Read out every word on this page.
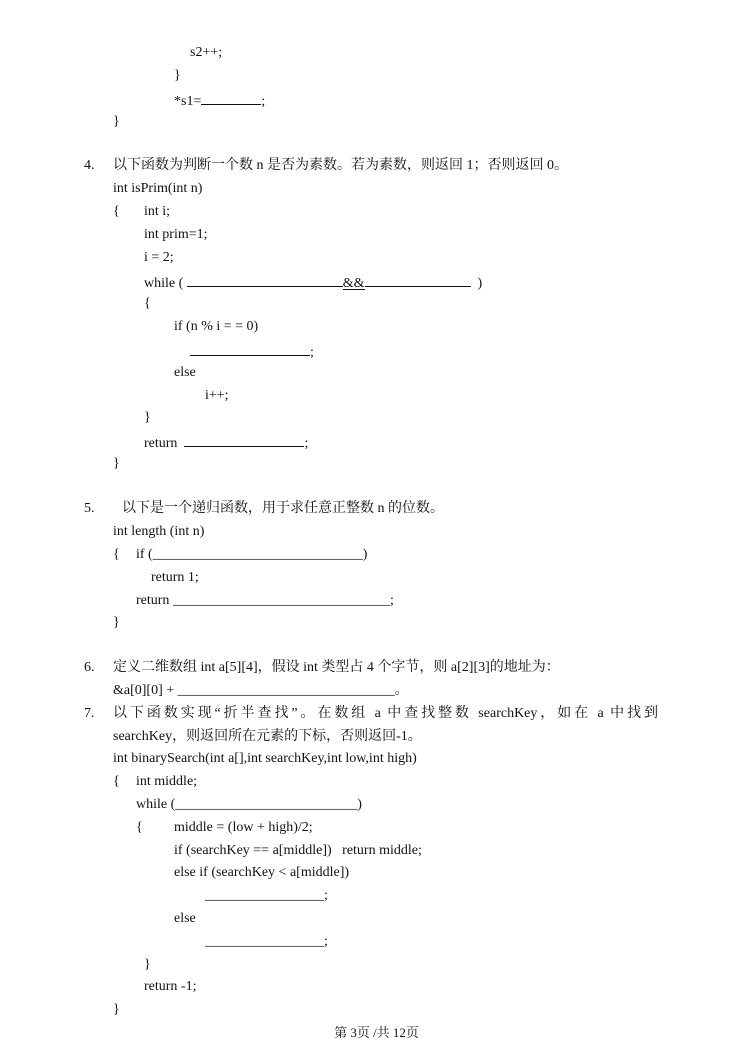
s2++;
}
*s1=	;
}
4. 以下函数为判断一个数 n 是否为素数。若为素数，则返回 1；否则返回 0。
int isPrim(int n)
{ int i;
int prim=1;
i = 2;
while (	&&	)
{
if (n % i = = 0)
;
else
i++;
}
return	;
}
5. 以下是一个递归函数，用于求任意正整数 n 的位数。
int length (int n)
{ if (______________________________)
return 1;
return _______________________________;
}
6. 定义二维数组 int a[5][4]，假设 int 类型占 4 个字节，则 a[2][3]的地址为：
&a[0][0] + _______________________________。
7. 以下函数实现“折半查找”。在数组 a 中查找整数 searchKey，如在 a 中找到
searchKey，则返回所在元素的下标，否则返回-1。
int binarySearch(int a[],int searchKey,int low,int high)
{ int middle;
while (__________________________)
{ middle = (low + high)/2;
if (searchKey == a[middle])   return middle;
else if (searchKey < a[middle])
_________________;
else
_________________;
}
return -1;
}
第 3页 /共 12页
